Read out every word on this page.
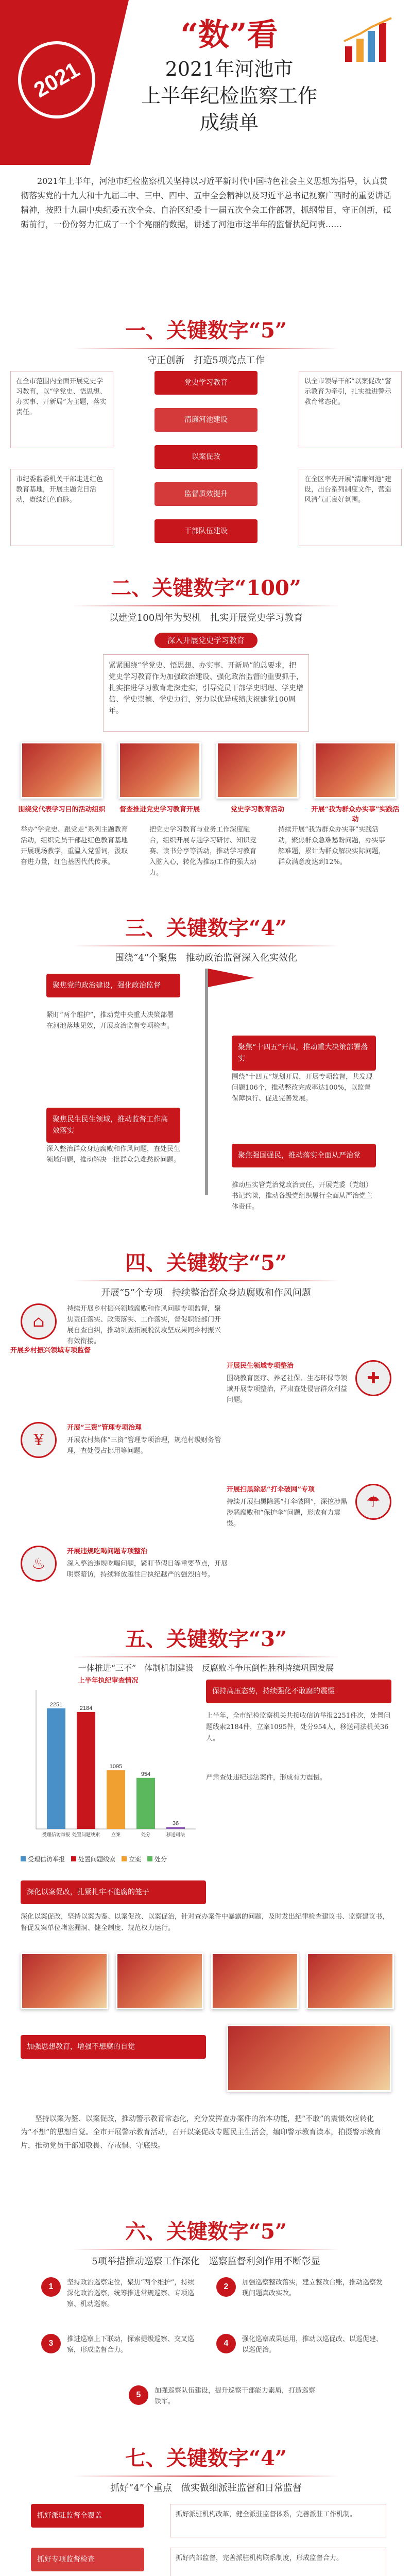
2021
“数”看
2021年河池市
上半年纪检监察工作
成绩单
2021年上半年，河池市纪检监察机关坚持以习近平新时代中国特色社会主义思想为指导，认真贯彻落实党的十九大和十九届二中、三中、四中、五中全会精神以及习近平总书记视察广西时的重要讲话精神，按照十九届中央纪委五次全会、自治区纪委十一届五次全会工作部署，抓纲带目，守正创新，砥砺前行，一份份努力汇成了一个个亮丽的数据，讲述了河池市这半年的监督执纪问责……
一、关键数字“5”
守正创新　打造5项亮点工作
在全市范围内全面开展党史学习教育，以“学党史、悟思想、办实事、开新局”为主题，落实责任。
市纪委监委机关干部走进红色教育基地，开展主题党日活动，赓续红色血脉。
以全市领导干部“以案促改”警示教育为牵引，扎实推进警示教育常态化。
在全区率先开展“清廉河池”建设，出台系列制度文件，营造风清气正良好氛围。
党史学习教育
清廉河池建设
以案促改
监督质效提升
干部队伍建设
二、关键数字“100”
以建党100周年为契机　扎实开展党史学习教育
深入开展党史学习教育
紧紧围绕“学党史、悟思想、办实事、开新局”的总要求，把党史学习教育作为加强政治建设、强化政治监督的重要抓手，扎实推进学习教育走深走实，引导党员干部学史明理、学史增信、学史崇德、学史力行，努力以优异成绩庆祝建党100周年。
围绕党代表学习目的活动组织	督查推进党史学习教育开展	党史学习教育活动	开展“我为群众办实事”实践活动
举办“学党史、跟党走”系列主题教育活动，组织党员干部赴红色教育基地开展现场教学，重温入党誓词，汲取奋进力量，红色基因代代传承。
把党史学习教育与业务工作深度融合，组织开展专题学习研讨、知识竞赛、读书分享等活动，推动学习教育入脑入心，转化为推动工作的强大动力。
持续开展“我为群众办实事”实践活动，聚焦群众急难愁盼问题，办实事解难题，累计为群众解决实际问题，群众满意度达到12%。
三、关键数字“4”
围绕“4”个聚焦　推动政治监督深入化实效化
聚焦党的政治建设，强化政治监督
紧盯“两个维护”，推动党中央重大决策部署在河池落地见效，开展政治监督专项检查。
聚焦“十四五”开局，推动重大决策部署落实
围绕“十四五”规划开局，开展专项监督，共发现问题106个，推动整改完成率达100%，以监督保障执行、促进完善发展。
聚焦民生民生领域，推动监督工作高效落实
深入整治群众身边腐败和作风问题，查处民生领域问题，推动解决一批群众急难愁盼问题。
聚焦强国强民，推动落实全面从严治党
推动压实管党治党政治责任，开展党委（党组）书记约谈，推动各级党组织履行全面从严治党主体责任。
四、关键数字“5”
开展“5”个专项　持续整治群众身边腐败和作风问题
⌂
开展乡村振兴领域专项监督
持续开展乡村振兴领域腐败和作风问题专项监督，聚焦责任落实、政策落实、工作落实，督促职能部门开展自查自纠，推动巩固拓展脱贫攻坚成果同乡村振兴有效衔接。
✚
开展民生领域专项整治
围绕教育医疗、养老社保、生态环保等领域开展专项整治，严肃查处侵害群众利益问题。
¥
开展“三资”管理专项治理
开展农村集体“三资”管理专项治理，规范村级财务管理，查处侵占挪用等问题。
☂
开展扫黑除恶“打伞破网”专项
持续开展扫黑除恶“打伞破网”，深挖涉黑涉恶腐败和“保护伞”问题，形成有力震慑。
♨
开展违规吃喝问题专项整治
深入整治违规吃喝问题，紧盯节假日等重要节点，开展明察暗访，持续释放越往后执纪越严的强烈信号。
五、关键数字“3”
一体推进“三不”　体制机制建设　反腐败斗争压倒性胜利持续巩固发展
保持高压态势，持续强化不敢腐的震慑
上半年，全市纪检监察机关共接收信访举报2251件次，处置问题线索2184件，立案1095件，处分954人，移送司法机关36人。
严肃查处违纪违法案件，形成有力震慑。
上半年执纪审查情况
2251
受理信访举报
2184
处置问题线索
1095
立案
954
处分
36
移送司法
受理信访举报	处置问题线索	立案	处分
深化以案促改，扎紧扎牢不能腐的笼子
深化以案促改，坚持以案为鉴、以案促改、以案促治，针对查办案件中暴露的问题，及时发出纪律检查建议书、监察建议书，督促发案单位堵塞漏洞、健全制度、规范权力运行。
加强思想教育，增强不想腐的自觉
坚持以案为鉴、以案促改，推动警示教育常态化，充分发挥查办案件的治本功能，把“不敢”的震慑效应转化为“不想”的思想自觉。全市开展警示教育活动，召开以案促改专题民主生活会，编印警示教育读本，拍摄警示教育片，推动党员干部知敬畏、存戒惧、守底线。
六、关键数字“5”
5项举措推动巡察工作深化　巡察监督利剑作用不断彰显
1	坚持政治巡察定位，聚焦“两个维护”，持续深化政治巡察，统筹推进常规巡察、专项巡察、机动巡察。
2	加强巡察整改落实，建立整改台账，推动巡察发现问题真改实改。
3	推进巡察上下联动，探索提级巡察、交叉巡察，形成监督合力。
4	强化巡察成果运用，推动以巡促改、以巡促建、以巡促治。
5	加强巡察队伍建设，提升巡察干部能力素质，打造巡察铁军。
七、关键数字“4”
抓好“4”个重点　做实做细派驻监督和日常监督
抓好派驻监督全覆盖
抓好专项监督检查
抓好派驻机构改革，健全派驻监督体系，完善派驻工作机制。
抓好内部监督，完善派驻机构联系制度，形成监督合力。
